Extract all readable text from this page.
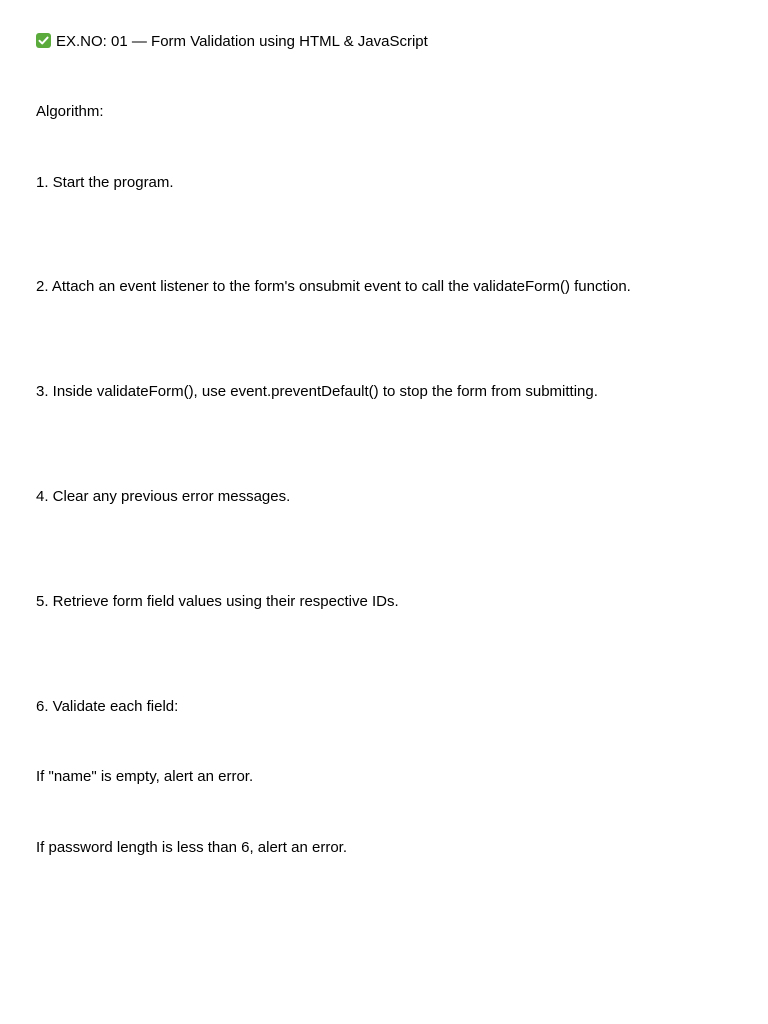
EX.NO: 01 — Form Validation using HTML & JavaScript

Algorithm:

1. Start the program.

2. Attach an event listener to the form's onsubmit event to call the validateForm() function.

3. Inside validateForm(), use event.preventDefault() to stop the form from submitting.

4. Clear any previous error messages.

5. Retrieve form field values using their respective IDs.

6. Validate each field:

If "name" is empty, alert an error.

If password length is less than 6, alert an error.
